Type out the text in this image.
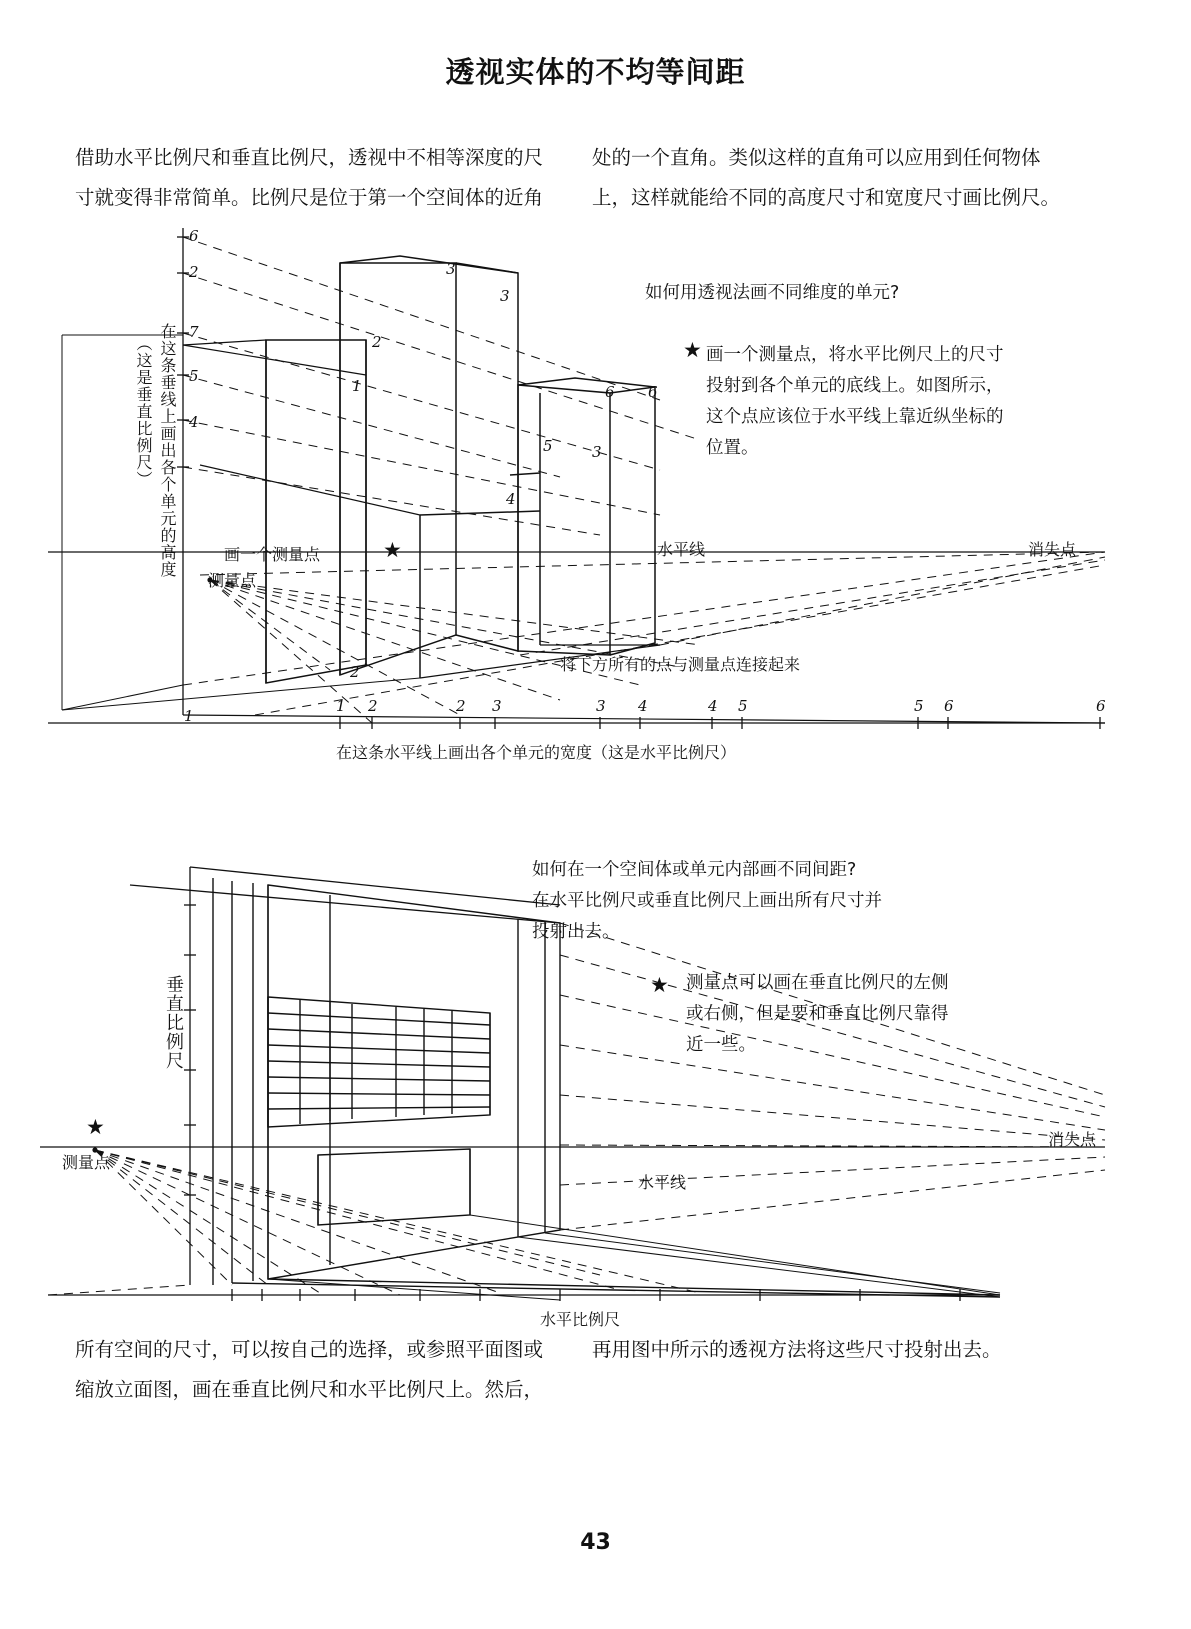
透视实体的不均等间距
借助水平比例尺和垂直比例尺，透视中不相等深度的尺
寸就变得非常简单。比例尺是位于第一个空间体的近角
处的一个直角。类似这样的直角可以应用到任何物体
上，这样就能给不同的高度尺寸和宽度尺寸画比例尺。
（这是垂直比例尺） 在这条垂线上画出各个单元的高度	画一个测量点	★
测量点
水平线	消失点
将下方所有的点与测量点连接起来
在这条水平线上画出各个单元的宽度（这是水平比例尺）
6
2
7
5
1
4
3
3
2
6 6
5	3
4
2
1 2	2 3	3 4	4 5	5 6	6
1
如何用透视法画不同维度的单元?
★ 画一个测量点，将水平比例尺上的尺寸
投射到各个单元的底线上。如图所示，
这个点应该位于水平线上靠近纵坐标的
位置。
垂直比例尺
★
测量点
水平线
消失点
水平比例尺
如何在一个空间体或单元内部画不同间距?
在水平比例尺或垂直比例尺上画出所有尺寸并
投射出去。
★ 测量点可以画在垂直比例尺的左侧
或右侧，但是要和垂直比例尺靠得
近一些。
所有空间的尺寸，可以按自己的选择，或参照平面图或
缩放立面图，画在垂直比例尺和水平比例尺上。然后，
再用图中所示的透视方法将这些尺寸投射出去。
43
